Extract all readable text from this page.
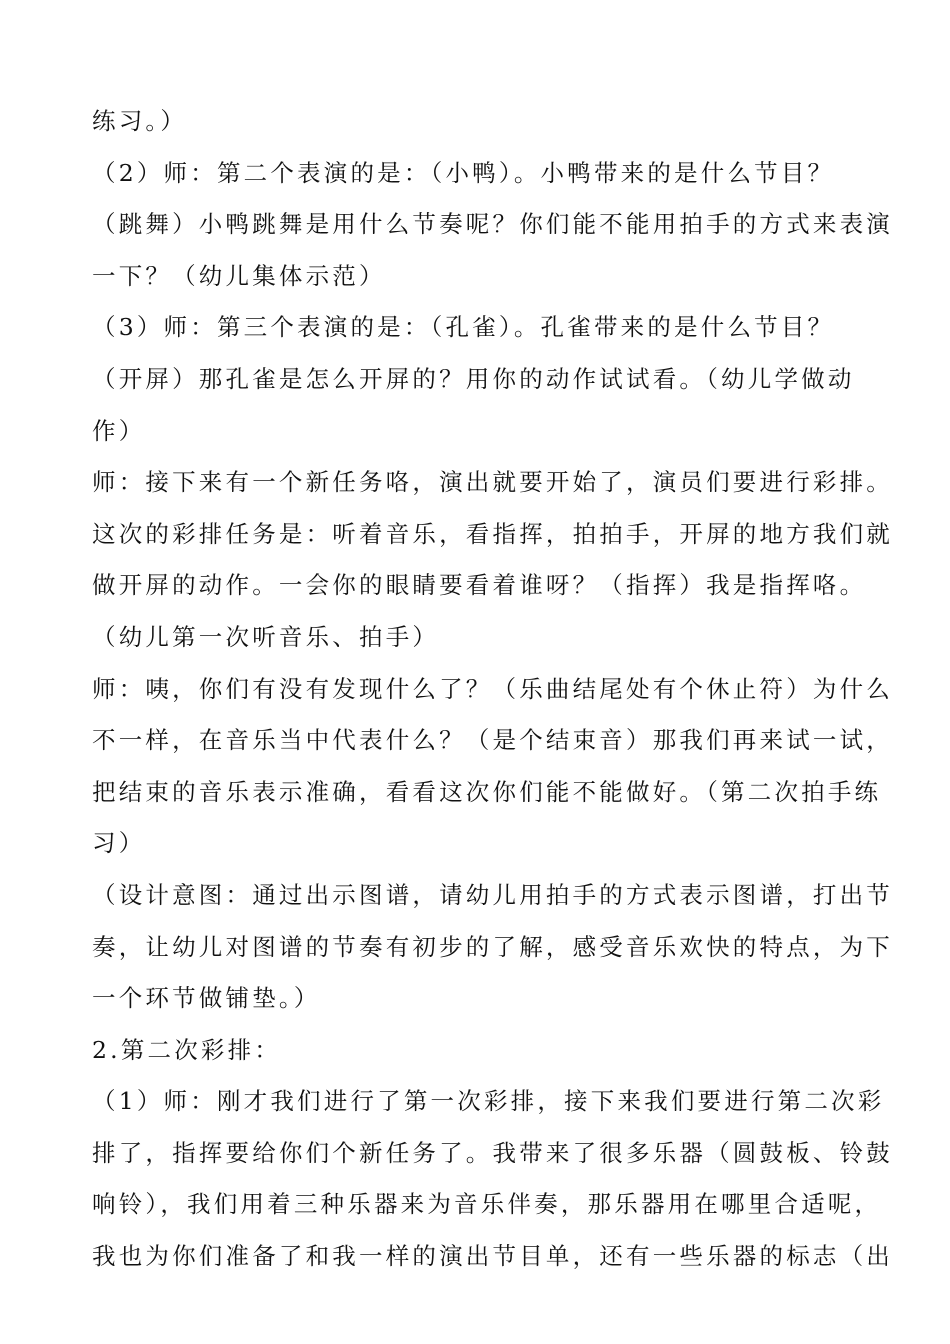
练习。）
（2）师：第二个表演的是：（小鸭）。小鸭带来的是什么节目？
（跳舞）小鸭跳舞是用什么节奏呢？你们能不能用拍手的方式来表演
一下？（幼儿集体示范）
（3）师：第三个表演的是：（孔雀）。孔雀带来的是什么节目？
（开屏）那孔雀是怎么开屏的？用你的动作试试看。（幼儿学做动
作）
师：接下来有一个新任务咯，演出就要开始了，演员们要进行彩排。
这次的彩排任务是：听着音乐，看指挥，拍拍手，开屏的地方我们就
做开屏的动作。一会你的眼睛要看着谁呀？（指挥）我是指挥咯。
（幼儿第一次听音乐、拍手）
师：咦，你们有没有发现什么了？（乐曲结尾处有个休止符）为什么
不一样，在音乐当中代表什么？（是个结束音）那我们再来试一试，
把结束的音乐表示准确，看看这次你们能不能做好。（第二次拍手练
习）
（设计意图：通过出示图谱，请幼儿用拍手的方式表示图谱，打出节
奏，让幼儿对图谱的节奏有初步的了解，感受音乐欢快的特点，为下
一个环节做铺垫。）
2.第二次彩排：
（1）师：刚才我们进行了第一次彩排，接下来我们要进行第二次彩
排了，指挥要给你们个新任务了。我带来了很多乐器（圆鼓板、铃鼓
响铃），我们用着三种乐器来为音乐伴奏，那乐器用在哪里合适呢，
我也为你们准备了和我一样的演出节目单，还有一些乐器的标志（出
